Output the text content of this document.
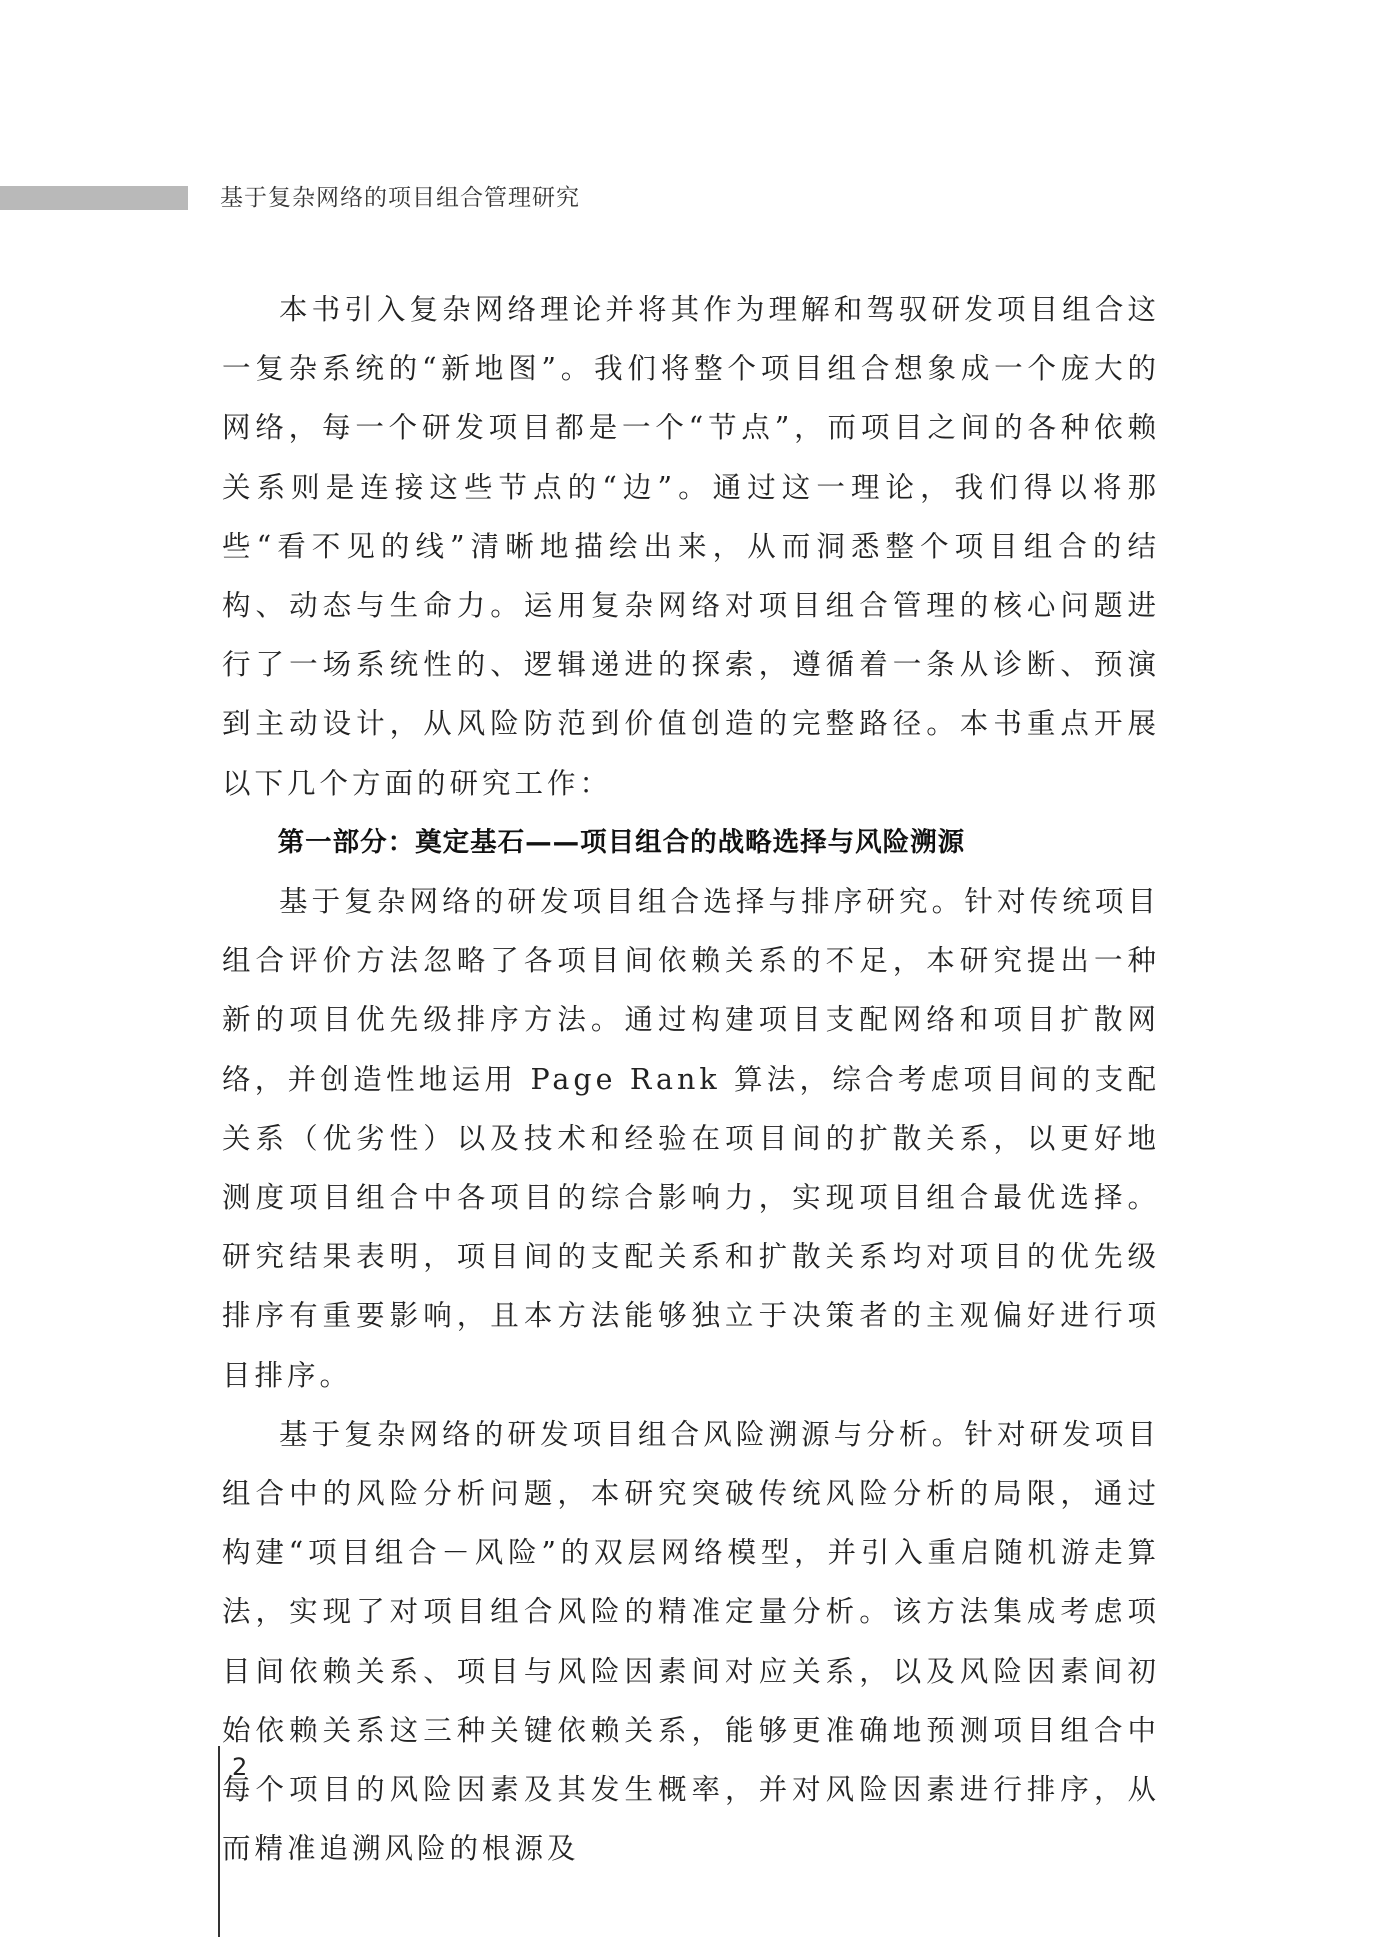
基于复杂网络的项目组合管理研究

本书引入复杂网络理论并将其作为理解和驾驭研发项目组合这一复杂系统的“新地图”。我们将整个项目组合想象成一个庞大的网络，每一个研发项目都是一个“节点”，而项目之间的各种依赖关系则是连接这些节点的“边”。通过这一理论，我们得以将那些“看不见的线”清晰地描绘出来，从而洞悉整个项目组合的结构、动态与生命力。运用复杂网络对项目组合管理的核心问题进行了一场系统性的、逻辑递进的探索，遵循着一条从诊断、预演到主动设计，从风险防范到价值创造的完整路径。本书重点开展以下几个方面的研究工作：

第一部分：奠定基石——项目组合的战略选择与风险溯源

基于复杂网络的研发项目组合选择与排序研究。针对传统项目组合评价方法忽略了各项目间依赖关系的不足，本研究提出一种新的项目优先级排序方法。通过构建项目支配网络和项目扩散网络，并创造性地运用 Page Rank 算法，综合考虑项目间的支配关系（优劣性）以及技术和经验在项目间的扩散关系，以更好地测度项目组合中各项目的综合影响力，实现项目组合最优选择。研究结果表明，项目间的支配关系和扩散关系均对项目的优先级排序有重要影响，且本方法能够独立于决策者的主观偏好进行项目排序。

基于复杂网络的研发项目组合风险溯源与分析。针对研发项目组合中的风险分析问题，本研究突破传统风险分析的局限，通过构建“项目组合－风险”的双层网络模型，并引入重启随机游走算法，实现了对项目组合风险的精准定量分析。该方法集成考虑项目间依赖关系、项目与风险因素间对应关系，以及风险因素间初始依赖关系这三种关键依赖关系，能够更准确地预测项目组合中每个项目的风险因素及其发生概率，并对风险因素进行排序，从而精准追溯风险的根源及

2
